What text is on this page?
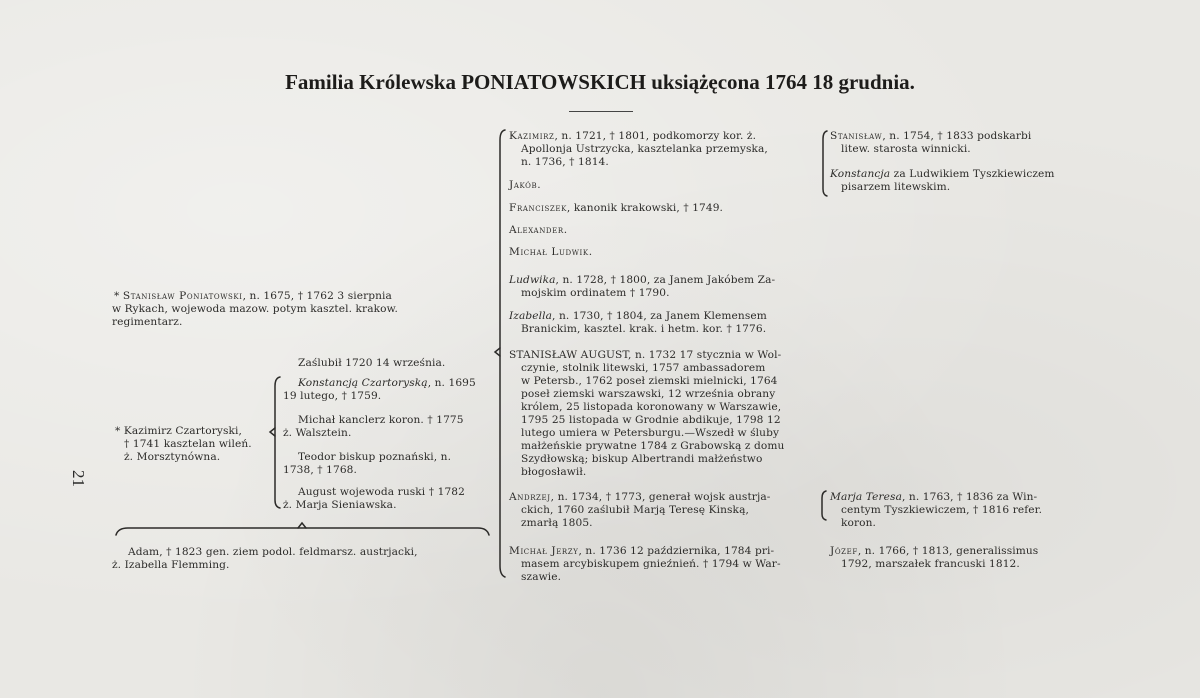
Familia Królewska PONIATOWSKICH uksiążęcona 1764 18 grudnia.
21
* Stanisław Poniatowski, n. 1675, † 1762 3 sierpnia
w Rykach, wojewoda mazow. potym kasztel. krakow.
regimentarz.
Zaślubił 1720 14 września.
* Kazimirz Czartoryski,
† 1741 kasztelan wileń.
ż. Morsztynówna.
Konstancją Czartoryską, n. 1695
19 lutego, † 1759.
Michał kanclerz koron. † 1775
ż. Walsztein.
Teodor biskup poznański, n.
1738, † 1768.
August wojewoda ruski † 1782
ż. Marja Sieniawska.
Adam, † 1823 gen. ziem podol. feldmarsz. austrjacki,
ż. Izabella Flemming.
Kazimirz, n. 1721, † 1801, podkomorzy kor. ż.
Apollonja Ustrzycka, kasztelanka przemyska,
n. 1736, † 1814.
Jakób.
Franciszek, kanonik krakowski, † 1749.
Alexander.
Michał Ludwik.
Ludwika, n. 1728, † 1800, za Janem Jakóbem Za-
mojskim ordinatem † 1790.
Izabella, n. 1730, † 1804, za Janem Klemensem
Branickim, kasztel. krak. i hetm. kor. † 1776.
STANISŁAW AUGUST, n. 1732 17 stycznia w Wol-
czynie, stolnik litewski, 1757 ambassadorem
w Petersb., 1762 poseł ziemski mielnicki, 1764
poseł ziemski warszawski, 12 września obrany
królem, 25 listopada koronowany w Warszawie,
1795 25 listopada w Grodnie abdikuje, 1798 12
lutego umiera w Petersburgu.—Wszedł w śluby
małżeńskie prywatne 1784 z Grabowską z domu
Szydłowską; biskup Albertrandi małżeństwo
błogosławił.
Andrzej, n. 1734, † 1773, generał wojsk austrja-
ckich, 1760 zaślubił Marją Teresę Kinską,
zmarłą 1805.
Michał Jerzy, n. 1736 12 października, 1784 pri-
masem arcybiskupem gnieźnień. † 1794 w War-
szawie.
Stanisław, n. 1754, † 1833 podskarbi
litew. starosta winnicki.
Konstancja za Ludwikiem Tyszkiewiczem
pisarzem litewskim.
Marja Teresa, n. 1763, † 1836 za Win-
centym Tyszkiewiczem, † 1816 refer.
koron.
Józef, n. 1766, † 1813, generalissimus
1792, marszałek francuski 1812.
